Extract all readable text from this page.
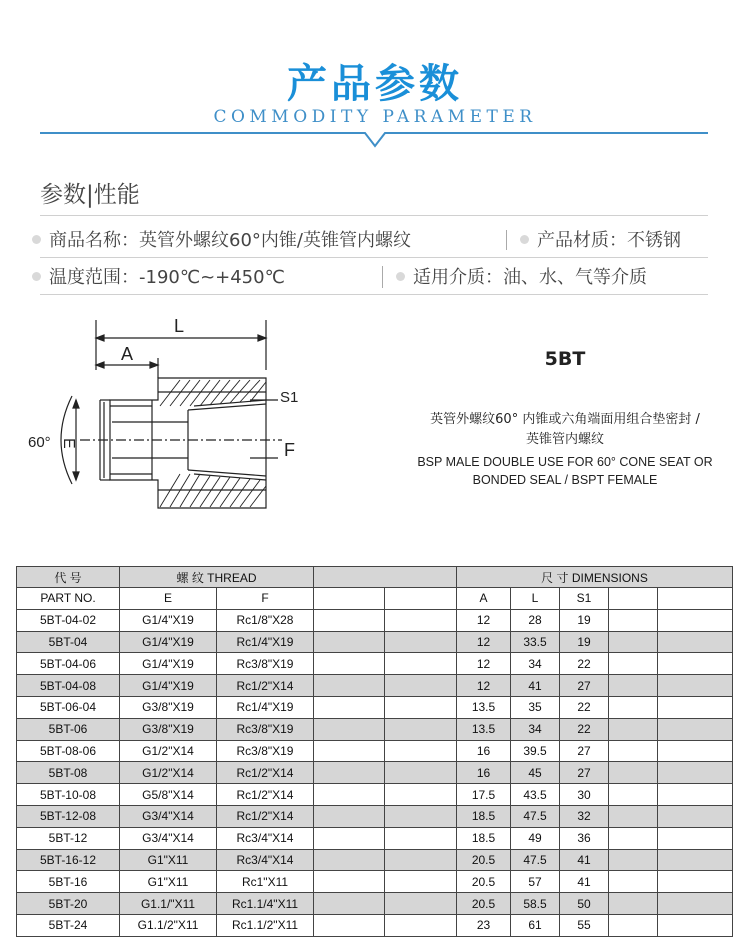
产品参数
COMMODITY PARAMETER
参数|性能
商品名称：英管外螺纹60°内锥/英锥管内螺纹	产品材质：不锈钢
温度范围：-190℃~+450℃	适用介质：油、水、气等介质
L
A
S1
F
E
60°
5BT
英管外螺纹60° 内锥或六角端面用组合垫密封 /
英锥管内螺纹
BSP MALE DOUBLE USE FOR 60° CONE SEAT OR
BONDED SEAL / BSPT FEMALE
代 号	螺 纹 THREAD				尺 寸 DIMENSIONS				
PART NO.	E	F			A	L	S1		
5BT-04-02	G1/4"X19	Rc1/8"X28			12	28	19		
5BT-04	G1/4"X19	Rc1/4"X19			12	33.5	19		
5BT-04-06	G1/4"X19	Rc3/8"X19			12	34	22		
5BT-04-08	G1/4"X19	Rc1/2"X14			12	41	27		
5BT-06-04	G3/8"X19	Rc1/4"X19			13.5	35	22		
5BT-06	G3/8"X19	Rc3/8"X19			13.5	34	22		
5BT-08-06	G1/2"X14	Rc3/8"X19			16	39.5	27		
5BT-08	G1/2"X14	Rc1/2"X14			16	45	27		
5BT-10-08	G5/8"X14	Rc1/2"X14			17.5	43.5	30		
5BT-12-08	G3/4"X14	Rc1/2"X14			18.5	47.5	32		
5BT-12	G3/4"X14	Rc3/4"X14			18.5	49	36		
5BT-16-12	G1"X11	Rc3/4"X14			20.5	47.5	41		
5BT-16	G1"X11	Rc1"X11			20.5	57	41		
5BT-20	G1.1/"X11	Rc1.1/4"X11			20.5	58.5	50		
5BT-24	G1.1/2"X11	Rc1.1/2"X11			23	61	55		
